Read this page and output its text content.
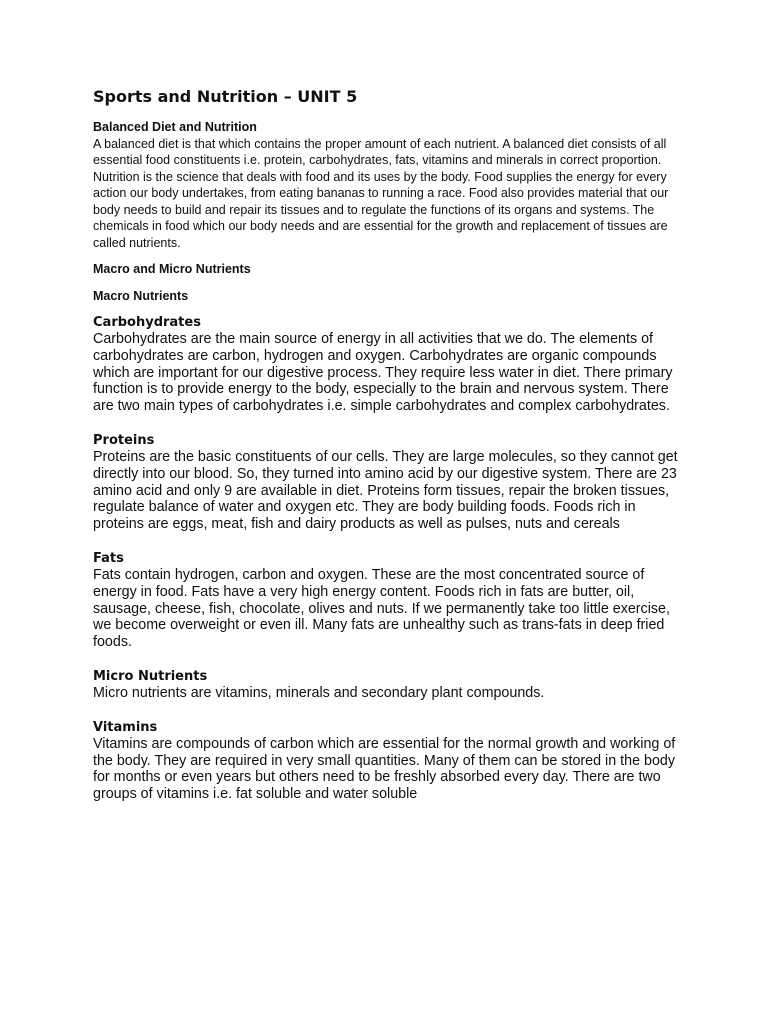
Sports and Nutrition – UNIT 5

Balanced Diet and Nutrition

A balanced diet is that which contains the proper amount of each nutrient. A balanced diet consists of all essential food constituents i.e. protein, carbohydrates, fats, vitamins and minerals in correct proportion. Nutrition is the science that deals with food and its uses by the body. Food supplies the energy for every action our body undertakes, from eating bananas to running a race. Food also provides material that our body needs to build and repair its tissues and to regulate the functions of its organs and systems. The chemicals in food which our body needs and are essential for the growth and replacement of tissues are called nutrients.

Macro and Micro Nutrients

Macro Nutrients

Carbohydrates

Carbohydrates are the main source of energy in all activities that we do. The elements of carbohydrates are carbon, hydrogen and oxygen. Carbohydrates are organic compounds which are important for our digestive process. They require less water in diet. There primary function is to provide energy to the body, especially to the brain and nervous system. There are two main types of carbohydrates i.e. simple carbohydrates and complex carbohydrates.

Proteins

Proteins are the basic constituents of our cells. They are large molecules, so they cannot get directly into our blood. So, they turned into amino acid by our digestive system. There are 23 amino acid and only 9 are available in diet. Proteins form tissues, repair the broken tissues, regulate balance of water and oxygen etc. They are body building foods. Foods rich in proteins are eggs, meat, fish and dairy products as well as pulses, nuts and cereals

Fats

Fats contain hydrogen, carbon and oxygen. These are the most concentrated source of energy in food. Fats have a very high energy content. Foods rich in fats are butter, oil, sausage, cheese, fish, chocolate, olives and nuts. If we permanently take too little exercise, we become overweight or even ill. Many fats are unhealthy such as trans-fats in deep fried foods.

Micro Nutrients

Micro nutrients are vitamins, minerals and secondary plant compounds.

Vitamins

Vitamins are compounds of carbon which are essential for the normal growth and working of the body. They are required in very small quantities. Many of them can be stored in the body for months or even years but others need to be freshly absorbed every day. There are two groups of vitamins i.e. fat soluble and water soluble
